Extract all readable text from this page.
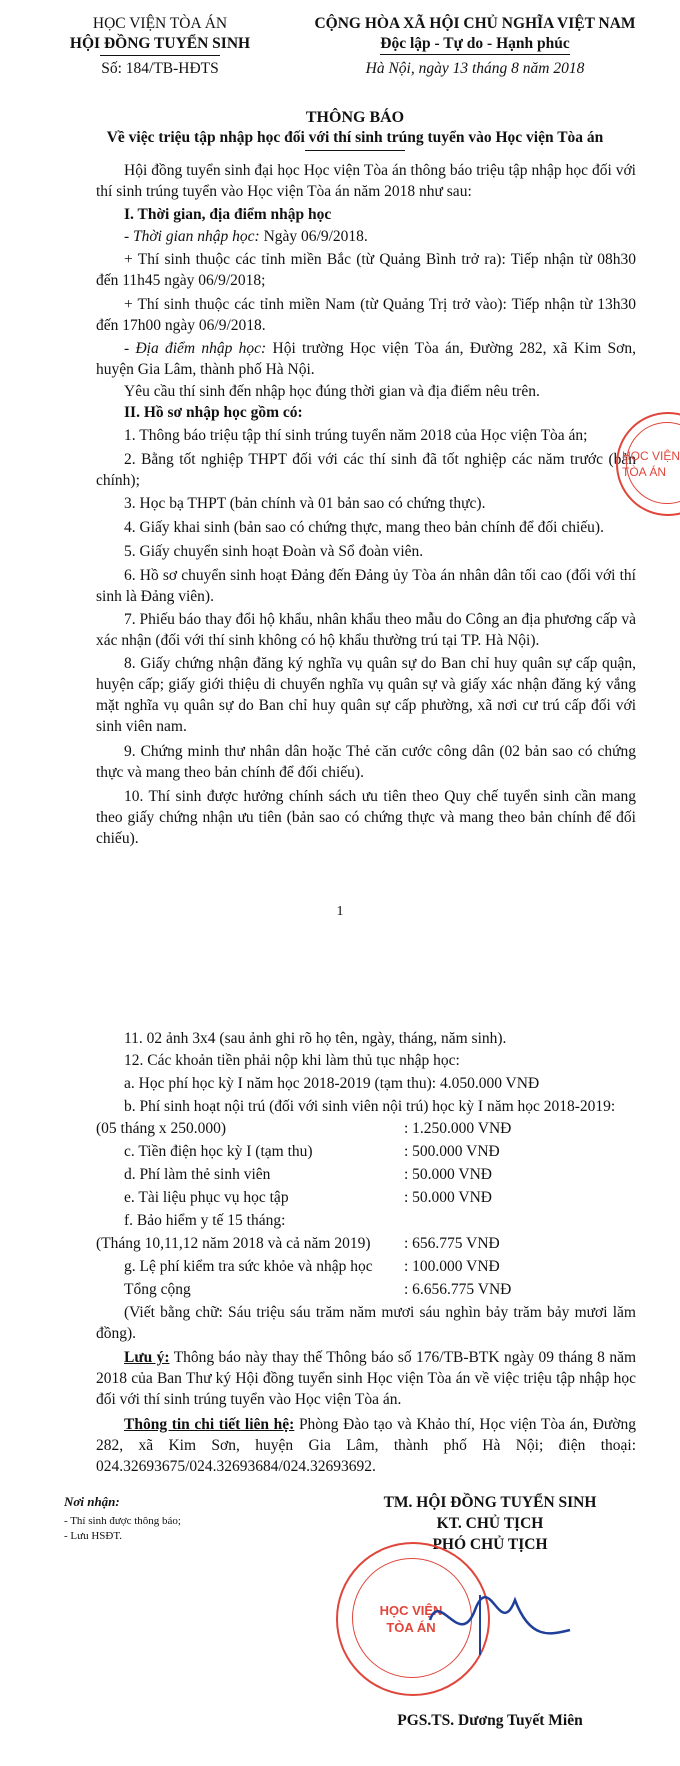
HỌC VIỆN TÒA ÁN
HỘI ĐỒNG TUYỂN SINH
Số: 184/TB-HĐTS
CỘNG HÒA XÃ HỘI CHỦ NGHĨA VIỆT NAM
Độc lập - Tự do - Hạnh phúc
Hà Nội, ngày 13 tháng 8 năm 2018
THÔNG BÁO
Về việc triệu tập nhập học đối với thí sinh trúng tuyển vào Học viện Tòa án
Hội đồng tuyển sinh đại học Học viện Tòa án thông báo triệu tập nhập học đối với thí sinh trúng tuyển vào Học viện Tòa án năm 2018 như sau:
I. Thời gian, địa điểm nhập học
- Thời gian nhập học: Ngày 06/9/2018.
+ Thí sinh thuộc các tỉnh miền Bắc (từ Quảng Bình trở ra): Tiếp nhận từ 08h30 đến 11h45 ngày 06/9/2018;
+ Thí sinh thuộc các tỉnh miền Nam (từ Quảng Trị trở vào): Tiếp nhận từ 13h30 đến 17h00 ngày 06/9/2018.
- Địa điểm nhập học: Hội trường Học viện Tòa án, Đường 282, xã Kim Sơn, huyện Gia Lâm, thành phố Hà Nội.
Yêu cầu thí sinh đến nhập học đúng thời gian và địa điểm nêu trên.
II. Hồ sơ nhập học gồm có:
1. Thông báo triệu tập thí sinh trúng tuyển năm 2018 của Học viện Tòa án;
2. Bằng tốt nghiệp THPT đối với các thí sinh đã tốt nghiệp các năm trước (bản chính);
3. Học bạ THPT (bản chính và 01 bản sao có chứng thực).
4. Giấy khai sinh (bản sao có chứng thực, mang theo bản chính để đối chiếu).
5. Giấy chuyển sinh hoạt Đoàn và Sổ đoàn viên.
6. Hồ sơ chuyển sinh hoạt Đảng đến Đảng ủy Tòa án nhân dân tối cao (đối với thí sinh là Đảng viên).
7. Phiếu báo thay đổi hộ khẩu, nhân khẩu theo mẫu do Công an địa phương cấp và xác nhận (đối với thí sinh không có hộ khẩu thường trú tại TP. Hà Nội).
8. Giấy chứng nhận đăng ký nghĩa vụ quân sự do Ban chỉ huy quân sự cấp quận, huyện cấp; giấy giới thiệu di chuyển nghĩa vụ quân sự và giấy xác nhận đăng ký vắng mặt nghĩa vụ quân sự do Ban chỉ huy quân sự cấp phường, xã nơi cư trú cấp đối với sinh viên nam.
9. Chứng minh thư nhân dân hoặc Thẻ căn cước công dân (02 bản sao có chứng thực và mang theo bản chính để đối chiếu).
10. Thí sinh được hưởng chính sách ưu tiên theo Quy chế tuyển sinh cần mang theo giấy chứng nhận ưu tiên (bản sao có chứng thực và mang theo bản chính để đối chiếu).
1
HỌC VIỆN TÒA ÁN
11. 02 ảnh 3x4 (sau ảnh ghi rõ họ tên, ngày, tháng, năm sinh).
12. Các khoản tiền phải nộp khi làm thủ tục nhập học:
a. Học phí học kỳ I năm học 2018-2019 (tạm thu): 4.050.000 VNĐ
b. Phí sinh hoạt nội trú (đối với sinh viên nội trú) học kỳ I năm học 2018-2019:
(05 tháng x 250.000)	: 1.250.000 VNĐ
c. Tiền điện học kỳ I (tạm thu)	: 500.000 VNĐ
d. Phí làm thẻ sinh viên	: 50.000 VNĐ
e. Tài liệu phục vụ học tập	: 50.000 VNĐ
f. Bảo hiểm y tế 15 tháng:
(Tháng 10,11,12 năm 2018 và cả năm 2019) : 656.775 VNĐ
g. Lệ phí kiểm tra sức khỏe và nhập học : 100.000 VNĐ
Tổng cộng	: 6.656.775 VNĐ
(Viết bằng chữ: Sáu triệu sáu trăm năm mươi sáu nghìn bảy trăm bảy mươi lăm đồng).
Lưu ý: Thông báo này thay thế Thông báo số 176/TB-BTK ngày 09 tháng 8 năm 2018 của Ban Thư ký Hội đồng tuyển sinh Học viện Tòa án về việc triệu tập nhập học đối với thí sinh trúng tuyển vào Học viện Tòa án.
Thông tin chi tiết liên hệ: Phòng Đào tạo và Khảo thí, Học viện Tòa án, Đường 282, xã Kim Sơn, huyện Gia Lâm, thành phố Hà Nội; điện thoại: 024.32693675/024.32693684/024.32693692.
Nơi nhận:
- Thí sinh được thông báo;
- Lưu HSĐT.
TM. HỘI ĐỒNG TUYỂN SINH
KT. CHỦ TỊCH
PHÓ CHỦ TỊCH
HỌC VIỆN TÒA ÁN
PGS.TS. Dương Tuyết Miên
